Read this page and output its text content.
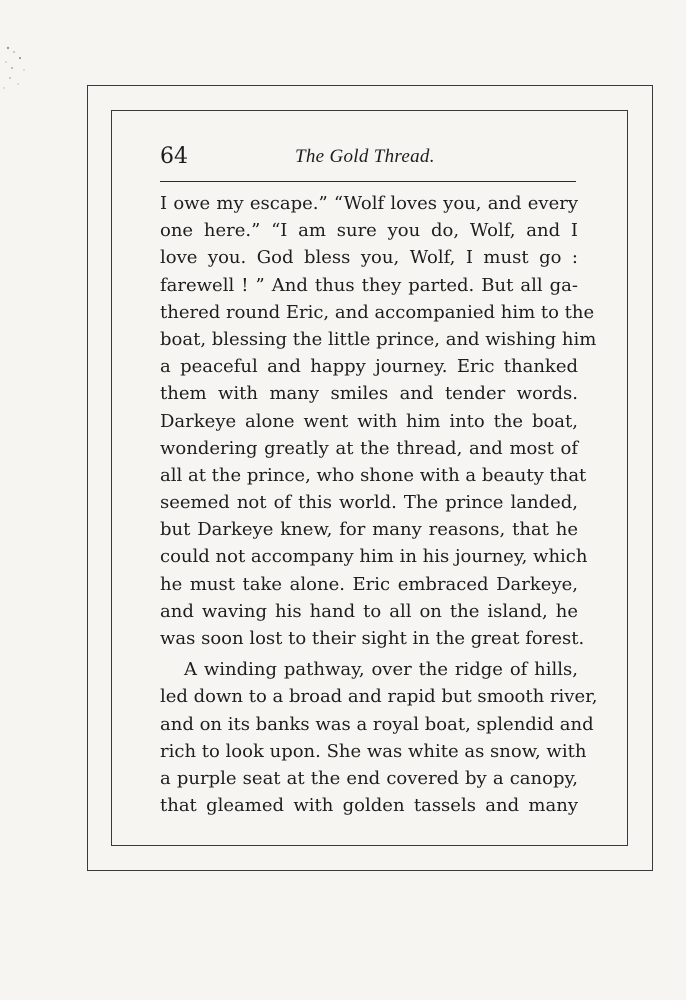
64	The Gold Thread.
I owe my escape.” “Wolf loves you, and every
one here.” “I am sure you do, Wolf, and I
love you. God bless you, Wolf, I must go :
farewell ! ” And thus they parted. But all ga-
thered round Eric, and accompanied him to the
boat, blessing the little prince, and wishing him
a peaceful and happy journey. Eric thanked
them with many smiles and tender words.
Darkeye alone went with him into the boat,
wondering greatly at the thread, and most of
all at the prince, who shone with a beauty that
seemed not of this world. The prince landed,
but Darkeye knew, for many reasons, that he
could not accompany him in his journey, which
he must take alone. Eric embraced Darkeye,
and waving his hand to all on the island, he
was soon lost to their sight in the great forest.
A winding pathway, over the ridge of hills,
led down to a broad and rapid but smooth river,
and on its banks was a royal boat, splendid and
rich to look upon. She was white as snow, with
a purple seat at the end covered by a canopy,
that gleamed with golden tassels and many
